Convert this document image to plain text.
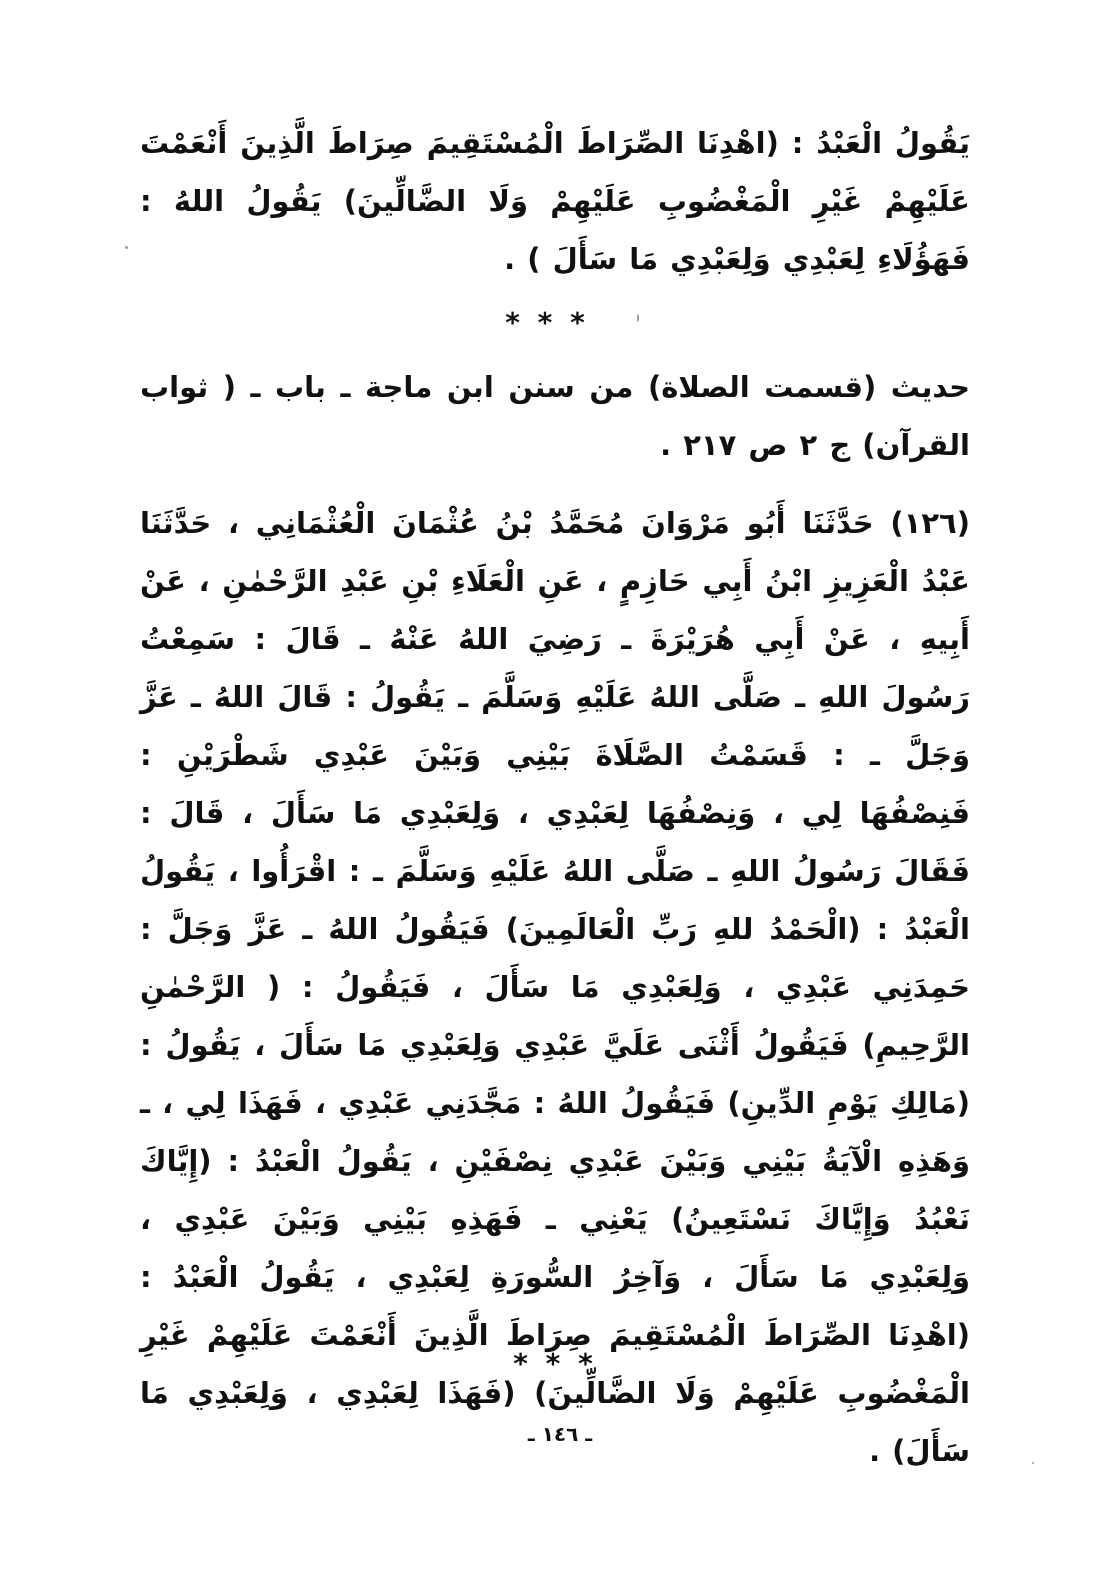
يَقُولُ الْعَبْدُ : (اهْدِنَا الصِّرَاطَ الْمُسْتَقِيمَ صِرَاطَ الَّذِينَ أَنْعَمْتَ عَلَيْهِمْ غَيْرِ الْمَغْضُوبِ عَلَيْهِمْ وَلَا الضَّالِّينَ) يَقُولُ اللهُ : فَهَؤُلَاءِ لِعَبْدِي وَلِعَبْدِي مَا سَأَلَ ) .
* * *
حديث (قسمت الصلاة) من سنن ابن ماجة ـ باب ـ ( ثواب القرآن) ج ٢ ص ٢١٧ .
(١٢٦) حَدَّثَنَا أَبُو مَرْوَانَ مُحَمَّدُ بْنُ عُثْمَانَ الْعُثْمَانِي ، حَدَّثَنَا عَبْدُ الْعَزِيزِ ابْنُ أَبِي حَازِمٍ ، عَنِ الْعَلَاءِ بْنِ عَبْدِ الرَّحْمٰنِ ، عَنْ أَبِيهِ ، عَنْ أَبِي هُرَيْرَةَ ـ رَضِيَ اللهُ عَنْهُ ـ قَالَ : سَمِعْتُ رَسُولَ اللهِ ـ صَلَّى اللهُ عَلَيْهِ وَسَلَّمَ ـ يَقُولُ : قَالَ اللهُ ـ عَزَّ وَجَلَّ ـ : قَسَمْتُ الصَّلَاةَ بَيْنِي وَبَيْنَ عَبْدِي شَطْرَيْنِ : فَنِصْفُهَا لِي ، وَنِصْفُهَا لِعَبْدِي ، وَلِعَبْدِي مَا سَأَلَ ، قَالَ : فَقَالَ رَسُولُ اللهِ ـ صَلَّى اللهُ عَلَيْهِ وَسَلَّمَ ـ : اقْرَأُوا ، يَقُولُ الْعَبْدُ : (الْحَمْدُ للهِ رَبِّ الْعَالَمِينَ) فَيَقُولُ اللهُ ـ عَزَّ وَجَلَّ : حَمِدَنِي عَبْدِي ، وَلِعَبْدِي مَا سَأَلَ ، فَيَقُولُ : ( الرَّحْمٰنِ الرَّحِيمِ) فَيَقُولُ أَثْنَى عَلَيَّ عَبْدِي وَلِعَبْدِي مَا سَأَلَ ، يَقُولُ : (مَالِكِ يَوْمِ الدِّينِ) فَيَقُولُ اللهُ : مَجَّدَنِي عَبْدِي ، فَهَذَا لِي ، ـ وَهَذِهِ الْآيَةُ بَيْنِي وَبَيْنَ عَبْدِي نِصْفَيْنِ ، يَقُولُ الْعَبْدُ : (إِيَّاكَ نَعْبُدُ وَإِيَّاكَ نَسْتَعِينُ) يَعْنِي ـ فَهَذِهِ بَيْنِي وَبَيْنَ عَبْدِي ، وَلِعَبْدِي مَا سَأَلَ ، وَآخِرُ السُّورَةِ لِعَبْدِي ، يَقُولُ الْعَبْدُ : (اهْدِنَا الصِّرَاطَ الْمُسْتَقِيمَ صِرَاطَ الَّذِينَ أَنْعَمْتَ عَلَيْهِمْ غَيْرِ الْمَغْضُوبِ عَلَيْهِمْ وَلَا الضَّالِّينَ) (فَهَذَا لِعَبْدِي ، وَلِعَبْدِي مَا سَأَلَ) .
* * *
ـ ١٤٦ ـ
